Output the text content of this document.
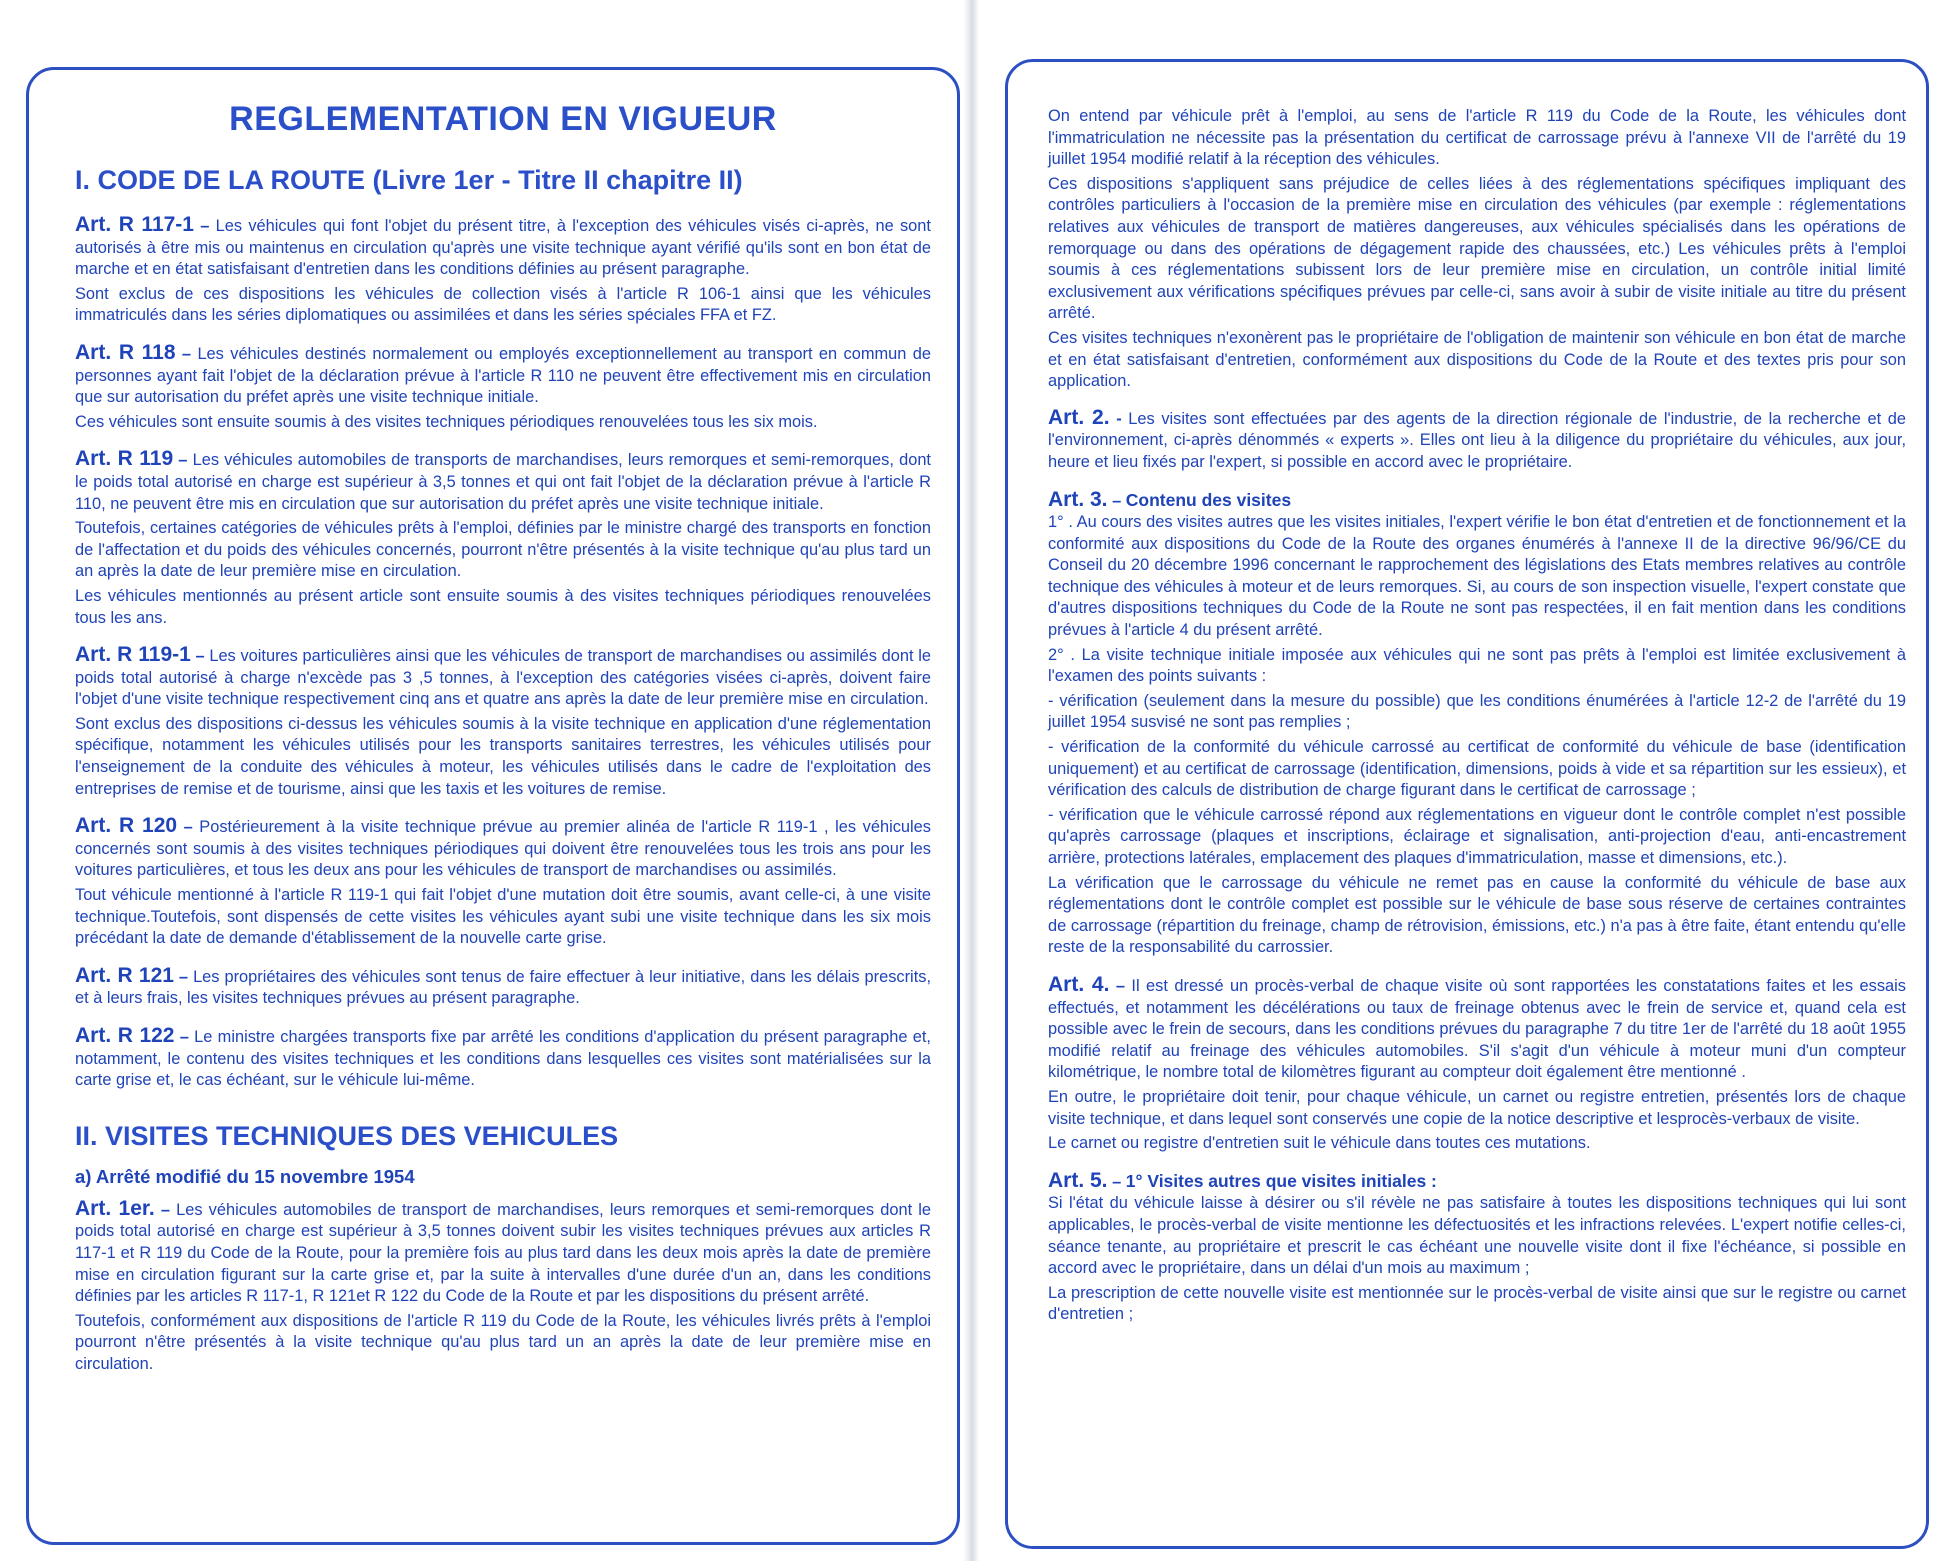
REGLEMENTATION EN VIGUEUR
I. CODE DE LA ROUTE (Livre 1er - Titre II chapitre II)

Art. R 117-1 – Les véhicules qui font l'objet du présent titre, à l'exception des véhicules visés ci-après, ne sont autorisés à être mis ou maintenus en circulation qu'après une visite technique ayant vérifié qu'ils sont en bon état de marche et en état satisfaisant d'entretien dans les conditions définies au présent paragraphe.

Sont exclus de ces dispositions les véhicules de collection visés à l'article R 106-1 ainsi que les véhicules immatriculés dans les séries diplomatiques ou assimilées et dans les séries spéciales FFA et FZ.

Art. R 118 – Les véhicules destinés normalement ou employés exceptionnellement au transport en commun de personnes ayant fait l'objet de la déclaration prévue à l'article R 110 ne peuvent être effectivement mis en circulation que sur autorisation du préfet après une visite technique initiale.

Ces véhicules sont ensuite soumis à des visites techniques périodiques renouvelées tous les six mois.

Art. R 119 – Les véhicules automobiles de transports de marchandises, leurs remorques et semi-remorques, dont le poids total autorisé en charge est supérieur à 3,5 tonnes et qui ont fait l'objet de la déclaration prévue à l'article R 110, ne peuvent être mis en circulation que sur autorisation du préfet après une visite technique initiale.

Toutefois, certaines catégories de véhicules prêts à l'emploi, définies par le ministre chargé des transports en fonction de l'affectation et du poids des véhicules concernés, pourront n'être présentés à la visite technique qu'au plus tard un an après la date de leur première mise en circulation.

Les véhicules mentionnés au présent article sont ensuite soumis à des visites techniques périodiques renouvelées tous les ans.

Art. R 119-1 – Les voitures particulières ainsi que les véhicules de transport de marchandises ou assimilés dont le poids total autorisé à charge n'excède pas 3 ,5 tonnes, à l'exception des catégories visées ci-après, doivent faire l'objet d'une visite technique respectivement cinq ans et quatre ans après la date de leur première mise en circulation.

Sont exclus des dispositions ci-dessus les véhicules soumis à la visite technique en application d'une réglementation spécifique, notamment les véhicules utilisés pour les transports sanitaires terrestres, les véhicules utilisés pour l'enseignement de la conduite des véhicules à moteur, les véhicules utilisés dans le cadre de l'exploitation des entreprises de remise et de tourisme, ainsi que les taxis et les voitures de remise.

Art. R 120 – Postérieurement à la visite technique prévue au premier alinéa de l'article R 119-1 , les véhicules concernés sont soumis à des visites techniques périodiques qui doivent être renouvelées tous les trois ans pour les voitures particulières, et tous les deux ans pour les véhicules de transport de marchandises ou assimilés.

Tout véhicule mentionné à l'article R 119-1 qui fait l'objet d'une mutation doit être soumis, avant celle-ci, à une visite technique.Toutefois, sont dispensés de cette visites les véhicules ayant subi une visite technique dans les six mois précédant la date de demande d'établissement de la nouvelle carte grise.

Art. R 121 – Les propriétaires des véhicules sont tenus de faire effectuer à leur initiative, dans les délais prescrits, et à leurs frais, les visites techniques prévues au présent paragraphe.

Art. R 122 – Le ministre chargées transports fixe par arrêté les conditions d'application du présent paragraphe et, notamment, le contenu des visites techniques et les conditions dans lesquelles ces visites sont matérialisées sur la carte grise et, le cas échéant, sur le véhicule lui-même.

II. VISITES TECHNIQUES DES VEHICULES
a) Arrêté modifié du 15 novembre 1954

Art. 1er. – Les véhicules automobiles de transport de marchandises, leurs remorques et semi-remorques dont le poids total autorisé en charge est supérieur à 3,5 tonnes doivent subir les visites techniques prévues aux articles R 117-1 et R 119 du Code de la Route, pour la première fois au plus tard dans les deux mois après la date de première mise en circulation figurant sur la carte grise et, par la suite à intervalles d'une durée d'un an, dans les conditions définies par les articles R 117-1, R 121et R 122 du Code de la Route et par les dispositions du présent arrêté.

Toutefois, conformément aux dispositions de l'article R 119 du Code de la Route, les véhicules livrés prêts à l'emploi pourront n'être présentés à la visite technique qu'au plus tard un an après la date de leur première mise en circulation.

On entend par véhicule prêt à l'emploi, au sens de l'article R 119 du Code de la Route, les véhicules dont l'immatriculation ne nécessite pas la présentation du certificat de carrossage prévu à l'annexe VII de l'arrêté du 19 juillet 1954 modifié relatif à la réception des véhicules.

Ces dispositions s'appliquent sans préjudice de celles liées à des réglementations spécifiques impliquant des contrôles particuliers à l'occasion de la première mise en circulation des véhicules (par exemple : réglementations relatives aux véhicules de transport de matières dangereuses, aux véhicules spécialisés dans les opérations de remorquage ou dans des opérations de dégagement rapide des chaussées, etc.) Les véhicules prêts à l'emploi soumis à ces réglementations subissent lors de leur première mise en circulation, un contrôle initial limité exclusivement aux vérifications spécifiques prévues par celle-ci, sans avoir à subir de visite initiale au titre du présent arrêté.

Ces visites techniques n'exonèrent pas le propriétaire de l'obligation de maintenir son véhicule en bon état de marche et en état satisfaisant d'entretien, conformément aux dispositions du Code de la Route et des textes pris pour son application.

Art. 2. - Les visites sont effectuées par des agents de la direction régionale de l'industrie, de la recherche et de l'environnement, ci-après dénommés « experts ». Elles ont lieu à la diligence du propriétaire du véhicules, aux jour, heure et lieu fixés par l'expert, si possible en accord avec le propriétaire.

Art. 3. – Contenu des visites
1° . Au cours des visites autres que les visites initiales, l'expert vérifie le bon état d'entretien et de fonctionnement et la conformité aux dispositions du Code de la Route des organes énumérés à l'annexe II de la directive 96/96/CE du Conseil du 20 décembre 1996 concernant le rapprochement des législations des Etats membres relatives au contrôle technique des véhicules à moteur et de leurs remorques. Si, au cours de son inspection visuelle, l'expert constate que d'autres dispositions techniques du Code de la Route ne sont pas respectées, il en fait mention dans les conditions prévues à l'article 4 du présent arrêté.

2° . La visite technique initiale imposée aux véhicules qui ne sont pas prêts à l'emploi est limitée exclusivement à l'examen des points suivants :

- vérification (seulement dans la mesure du possible) que les conditions énumérées à l'article 12-2 de l'arrêté du 19 juillet 1954 susvisé ne sont pas remplies ;

- vérification de la conformité du véhicule carrossé au certificat de conformité du véhicule de base (identification uniquement) et au certificat de carrossage (identification, dimensions, poids à vide et sa répartition sur les essieux), et vérification des calculs de distribution de charge figurant dans le certificat de carrossage ;

- vérification que le véhicule carrossé répond aux réglementations en vigueur dont le contrôle complet n'est possible qu'après carrossage (plaques et inscriptions, éclairage et signalisation, anti-projection d'eau, anti-encastrement arrière, protections latérales, emplacement des plaques d'immatriculation, masse et dimensions, etc.).

La vérification que le carrossage du véhicule ne remet pas en cause la conformité du véhicule de base aux réglementations dont le contrôle complet est possible sur le véhicule de base sous réserve de certaines contraintes de carrossage (répartition du freinage, champ de rétrovision, émissions, etc.) n'a pas à être faite, étant entendu qu'elle reste de la responsabilité du carrossier.

Art. 4. – Il est dressé un procès-verbal de chaque visite où sont rapportées les constatations faites et les essais effectués, et notamment les décélérations ou taux de freinage obtenus avec le frein de service et, quand cela est possible avec le frein de secours, dans les conditions prévues du paragraphe 7 du titre 1er de l'arrêté du 18 août 1955 modifié relatif au freinage des véhicules automobiles. S'il s'agit d'un véhicule à moteur muni d'un compteur kilométrique, le nombre total de kilomètres figurant au compteur doit également être mentionné .

En outre, le propriétaire doit tenir, pour chaque véhicule, un carnet ou registre entretien, présentés lors de chaque visite technique, et dans lequel sont conservés une copie de la notice descriptive et lesprocès-verbaux de visite.

Le carnet ou registre d'entretien suit le véhicule dans toutes ces mutations.

Art. 5. – 1° Visites autres que visites initiales :
Si l'état du véhicule laisse à désirer ou s'il révèle ne pas satisfaire à toutes les dispositions techniques qui lui sont applicables, le procès-verbal de visite mentionne les défectuosités et les infractions relevées. L'expert notifie celles-ci, séance tenante, au propriétaire et prescrit le cas échéant une nouvelle visite dont il fixe l'échéance, si possible en accord avec le propriétaire, dans un délai d'un mois au maximum ;

La prescription de cette nouvelle visite est mentionnée sur le procès-verbal de visite ainsi que sur le registre ou carnet d'entretien ;
